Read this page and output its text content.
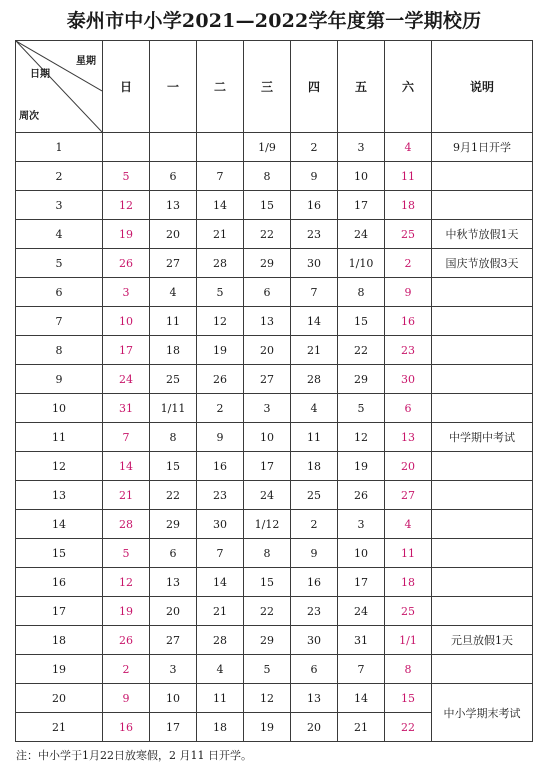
泰州市中小学2021—2022学年度第一学期校历
星期
日期
周次	日	一	二	三	四	五	六	说明
1				1/9	2	3	4	9月1日开学
2	5	6	7	8	9	10	11	
3	12	13	14	15	16	17	18	
4	19	20	21	22	23	24	25	中秋节放假1天
5	26	27	28	29	30	1/10	2	国庆节放假3天
6	3	4	5	6	7	8	9	
7	10	11	12	13	14	15	16	
8	17	18	19	20	21	22	23	
9	24	25	26	27	28	29	30	
10	31	1/11	2	3	4	5	6	
11	7	8	9	10	11	12	13	中学期中考试
12	14	15	16	17	18	19	20	
13	21	22	23	24	25	26	27	
14	28	29	30	1/12	2	3	4	
15	5	6	7	8	9	10	11	
16	12	13	14	15	16	17	18	
17	19	20	21	22	23	24	25	
18	26	27	28	29	30	31	1/1	元旦放假1天
19	2	3	4	5	6	7	8	
20	9	10	11	12	13	14	15	中小学期末考试
21	16	17	18	19	20	21	22	

注：中小学于1月22日放寒假，2 月11 日开学。
